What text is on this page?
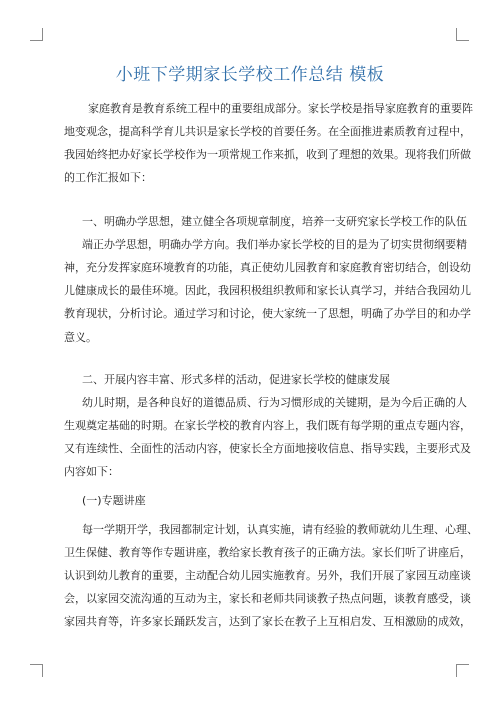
小班下学期家长学校工作总结 模板
家庭教育是教育系统工程中的重要组成部分。家长学校是指导家庭教育的重要阵
地变观念，提高科学育儿共识是家长学校的首要任务。在全面推进素质教育过程中，
我园始终把办好家长学校作为一项常规工作来抓，收到了理想的效果。现将我们所做
的工作汇报如下：
一、明确办学思想，建立健全各项规章制度，培养一支研究家长学校工作的队伍
端正办学思想，明确办学方向。我们举办家长学校的目的是为了切实贯彻纲要精
神，充分发挥家庭环境教育的功能，真正使幼儿园教育和家庭教育密切结合，创设幼
儿健康成长的最佳环境。因此，我园积极组织教师和家长认真学习，并结合我园幼儿
教育现状，分析讨论。通过学习和讨论，使大家统一了思想，明确了办学目的和办学
意义。
二、开展内容丰富、形式多样的活动，促进家长学校的健康发展
幼儿时期，是各种良好的道德品质、行为习惯形成的关键期，是为今后正确的人
生观奠定基础的时期。在家长学校的教育内容上，我们既有每学期的重点专题内容，
又有连续性、全面性的活动内容，使家长全方面地接收信息、指导实践，主要形式及
内容如下：
(一)专题讲座
每一学期开学，我园都制定计划，认真实施，请有经验的教师就幼儿生理、心理、
卫生保健、教育等作专题讲座，教给家长教育孩子的正确方法。家长们听了讲座后，
认识到幼儿教育的重要，主动配合幼儿园实施教育。另外，我们开展了家园互动座谈
会，以家园交流沟通的互动为主，家长和老师共同谈教子热点问题，谈教育感受，谈
家园共育等，许多家长踊跃发言，达到了家长在教子上互相启发、互相激励的成效，
